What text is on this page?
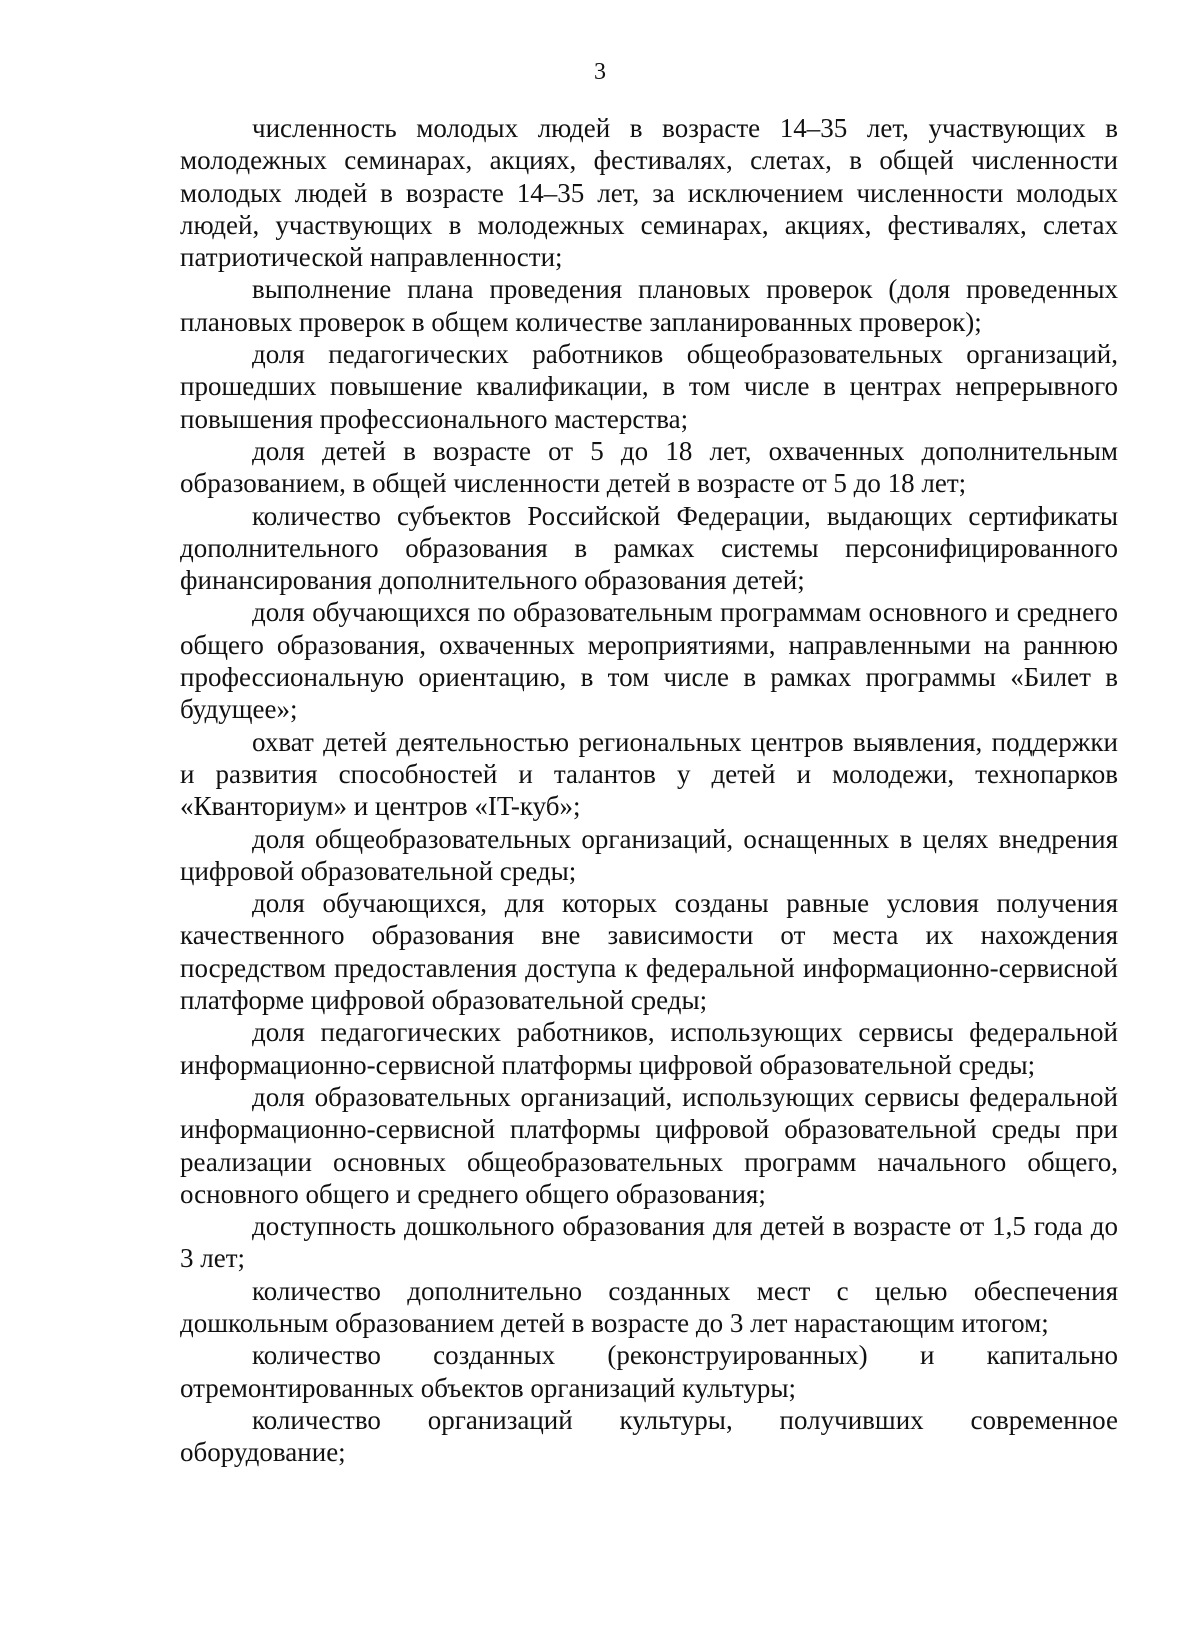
3

численность молодых людей в возрасте 14–35 лет, участвующих в молодежных семинарах, акциях, фестивалях, слетах, в общей численности молодых людей в возрасте 14–35 лет, за исключением численности молодых людей, участвующих в молодежных семинарах, акциях, фестивалях, слетах патриотической направленности;

выполнение плана проведения плановых проверок (доля проведенных плановых проверок в общем количестве запланированных проверок);

доля педагогических работников общеобразовательных организаций, прошедших повышение квалификации, в том числе в центрах непрерывного повышения профессионального мастерства;

доля детей в возрасте от 5 до 18 лет, охваченных дополнительным образованием, в общей численности детей в возрасте от 5 до 18 лет;

количество субъектов Российской Федерации, выдающих сертификаты дополнительного образования в рамках системы персонифицированного финансирования дополнительного образования детей;

доля обучающихся по образовательным программам основного и среднего общего образования, охваченных мероприятиями, направленными на раннюю профессиональную ориентацию, в том числе в рамках программы «Билет в будущее»;

охват детей деятельностью региональных центров выявления, поддержки и развития способностей и талантов у детей и молодежи, технопарков «Кванториум» и центров «IT-куб»;

доля общеобразовательных организаций, оснащенных в целях внедрения цифровой образовательной среды;

доля обучающихся, для которых созданы равные условия получения качественного образования вне зависимости от места их нахождения посредством предоставления доступа к федеральной информационно-сервисной платформе цифровой образовательной среды;

доля педагогических работников, использующих сервисы федеральной информационно-сервисной платформы цифровой образовательной среды;

доля образовательных организаций, использующих сервисы федеральной информационно-сервисной платформы цифровой образовательной среды при реализации основных общеобразовательных программ начального общего, основного общего и среднего общего образования;

доступность дошкольного образования для детей в возрасте от 1,5 года до 3 лет;

количество дополнительно созданных мест с целью обеспечения дошкольным образованием детей в возрасте до 3 лет нарастающим итогом;

количество созданных (реконструированных) и капитально отремонтированных объектов организаций культуры;

количество организаций культуры, получивших современное оборудование;
